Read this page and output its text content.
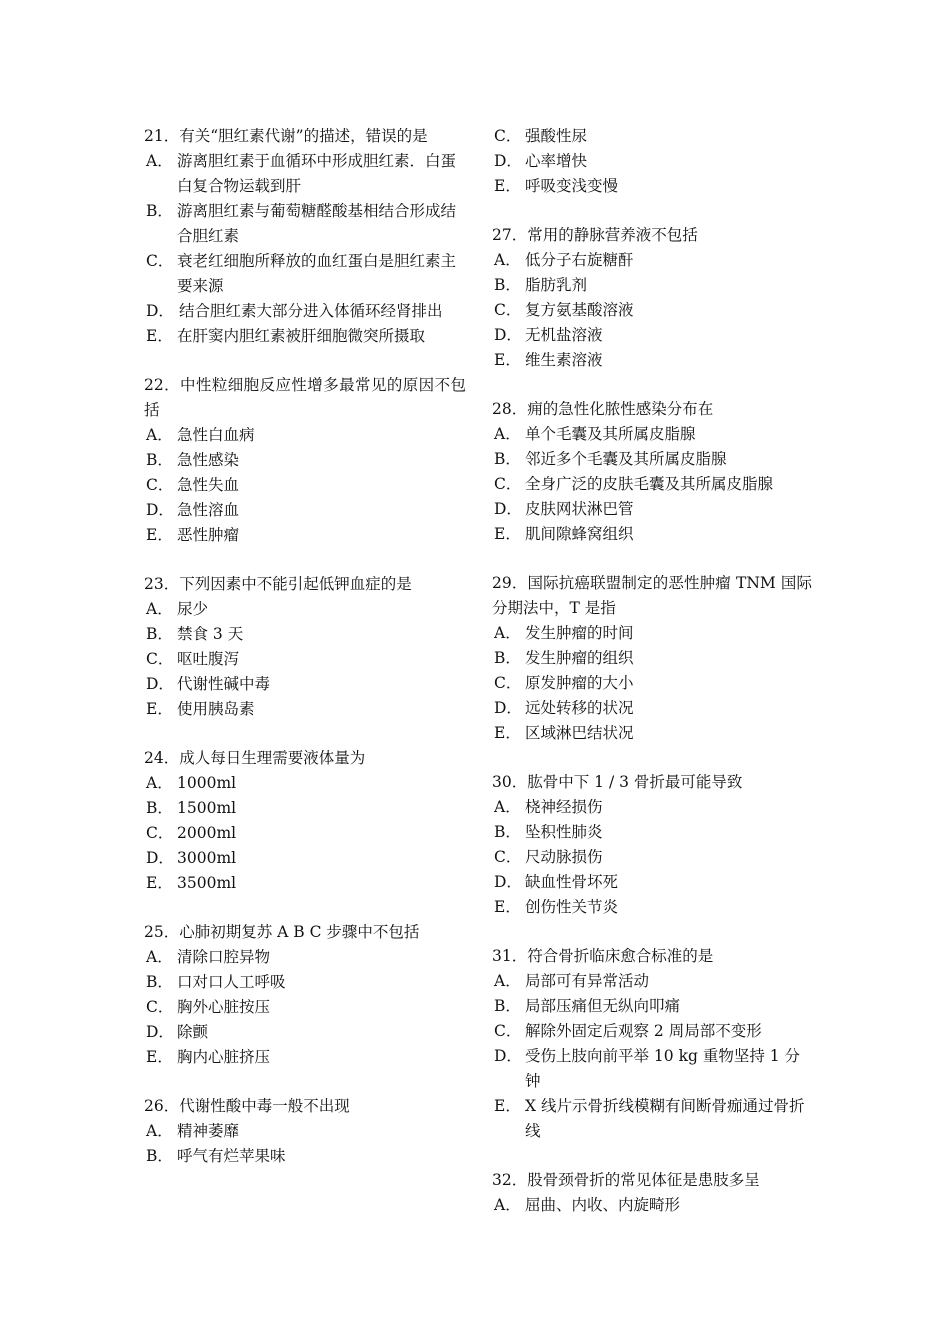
21．有关“胆红素代谢”的描述，错误的是
A． 游离胆红素于血循环中形成胆红素．白蛋白复合物运载到肝
B． 游离胆红素与葡萄糖醛酸基相结合形成结合胆红素
C． 衰老红细胞所释放的血红蛋白是胆红素主要来源
D． 结合胆红素大部分进入体循环经肾排出
E． 在肝窦内胆红素被肝细胞微突所摄取
22．中性粒细胞反应性增多最常见的原因不包括
A． 急性白血病
B． 急性感染
C． 急性失血
D． 急性溶血
E． 恶性肿瘤
23．下列因素中不能引起低钾血症的是
A． 尿少
B． 禁食 3 天
C． 呕吐腹泻
D． 代谢性碱中毒
E． 使用胰岛素
24．成人每日生理需要液体量为
A． 1000ml
B． 1500ml
C． 2000ml
D． 3000ml
E． 3500ml
25．心肺初期复苏 A B C 步骤中不包括
A． 清除口腔异物
B． 口对口人工呼吸
C． 胸外心脏按压
D． 除颤
E． 胸内心脏挤压
26．代谢性酸中毒一般不出现
A． 精神萎靡
B． 呼气有烂苹果味
C． 强酸性尿
D． 心率增快
E． 呼吸变浅变慢
27．常用的静脉营养液不包括
A． 低分子右旋糖酐
B． 脂肪乳剂
C． 复方氨基酸溶液
D． 无机盐溶液
E． 维生素溶液
28．痈的急性化脓性感染分布在
A． 单个毛囊及其所属皮脂腺
B． 邻近多个毛囊及其所属皮脂腺
C． 全身广泛的皮肤毛囊及其所属皮脂腺
D． 皮肤网状淋巴管
E． 肌间隙蜂窝组织
29．国际抗癌联盟制定的恶性肿瘤 TNM 国际分期法中，T 是指
A． 发生肿瘤的时间
B． 发生肿瘤的组织
C． 原发肿瘤的大小
D． 远处转移的状况
E． 区域淋巴结状况
30．肱骨中下 1 / 3 骨折最可能导致
A． 桡神经损伤
B． 坠积性肺炎
C． 尺动脉损伤
D． 缺血性骨坏死
E． 创伤性关节炎
31．符合骨折临床愈合标准的是
A． 局部可有异常活动
B． 局部压痛但无纵向叩痛
C． 解除外固定后观察 2 周局部不变形
D． 受伤上肢向前平举 10 kg 重物坚持 1 分钟
E． X 线片示骨折线模糊有间断骨痂通过骨折线
32．股骨颈骨折的常见体征是患肢多呈
A． 屈曲、内收、内旋畸形
